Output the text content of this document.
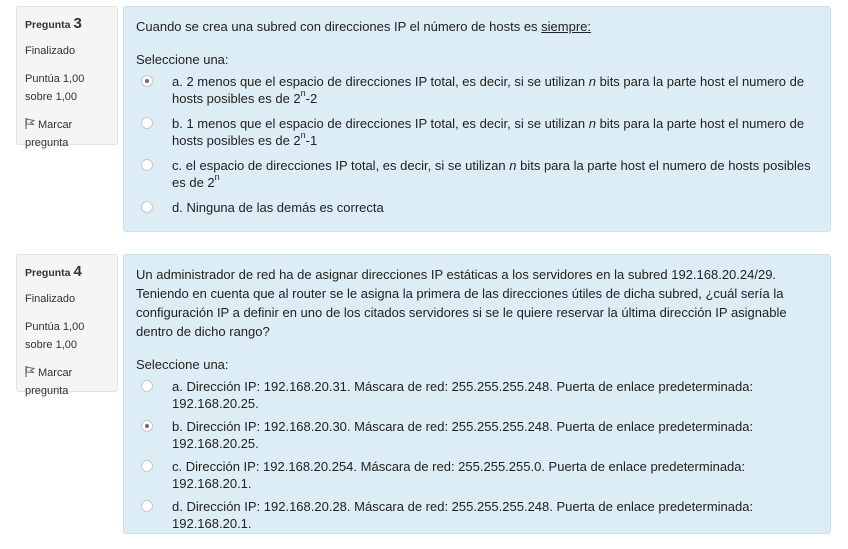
Pregunta 3
Finalizado
Puntúa 1,00 sobre 1,00
Marcar pregunta
Cuando se crea una subred con direcciones IP el número de hosts es siempre:
Seleccione una:
a. 2 menos que el espacio de direcciones IP total, es decir, si se utilizan n bits para la parte host el numero de hosts posibles es de 2$^n$-2
b. 1 menos que el espacio de direcciones IP total, es decir, si se utilizan n bits para la parte host el numero de hosts posibles es de 2$^n$-1
c. el espacio de direcciones IP total, es decir, si se utilizan n bits para la parte host el numero de hosts posibles es de 2$^n$
d. Ninguna de las demás es correcta
Pregunta 4
Finalizado
Puntúa 1,00 sobre 1,00
Marcar pregunta
Un administrador de red ha de asignar direcciones IP estáticas a los servidores en la subred 192.168.20.24/29. Teniendo en cuenta que al router se le asigna la primera de las direcciones útiles de dicha subred, ¿cuál sería la configuración IP a definir en uno de los citados servidores si se le quiere reservar la última dirección IP asignable dentro de dicho rango?
Seleccione una:
a. Dirección IP: 192.168.20.31. Máscara de red: 255.255.255.248. Puerta de enlace predeterminada: 192.168.20.25.
b. Dirección IP: 192.168.20.30. Máscara de red: 255.255.255.248. Puerta de enlace predeterminada: 192.168.20.25.
c. Dirección IP: 192.168.20.254. Máscara de red: 255.255.255.0. Puerta de enlace predeterminada: 192.168.20.1.
d. Dirección IP: 192.168.20.28. Máscara de red: 255.255.255.248. Puerta de enlace predeterminada: 192.168.20.1.
